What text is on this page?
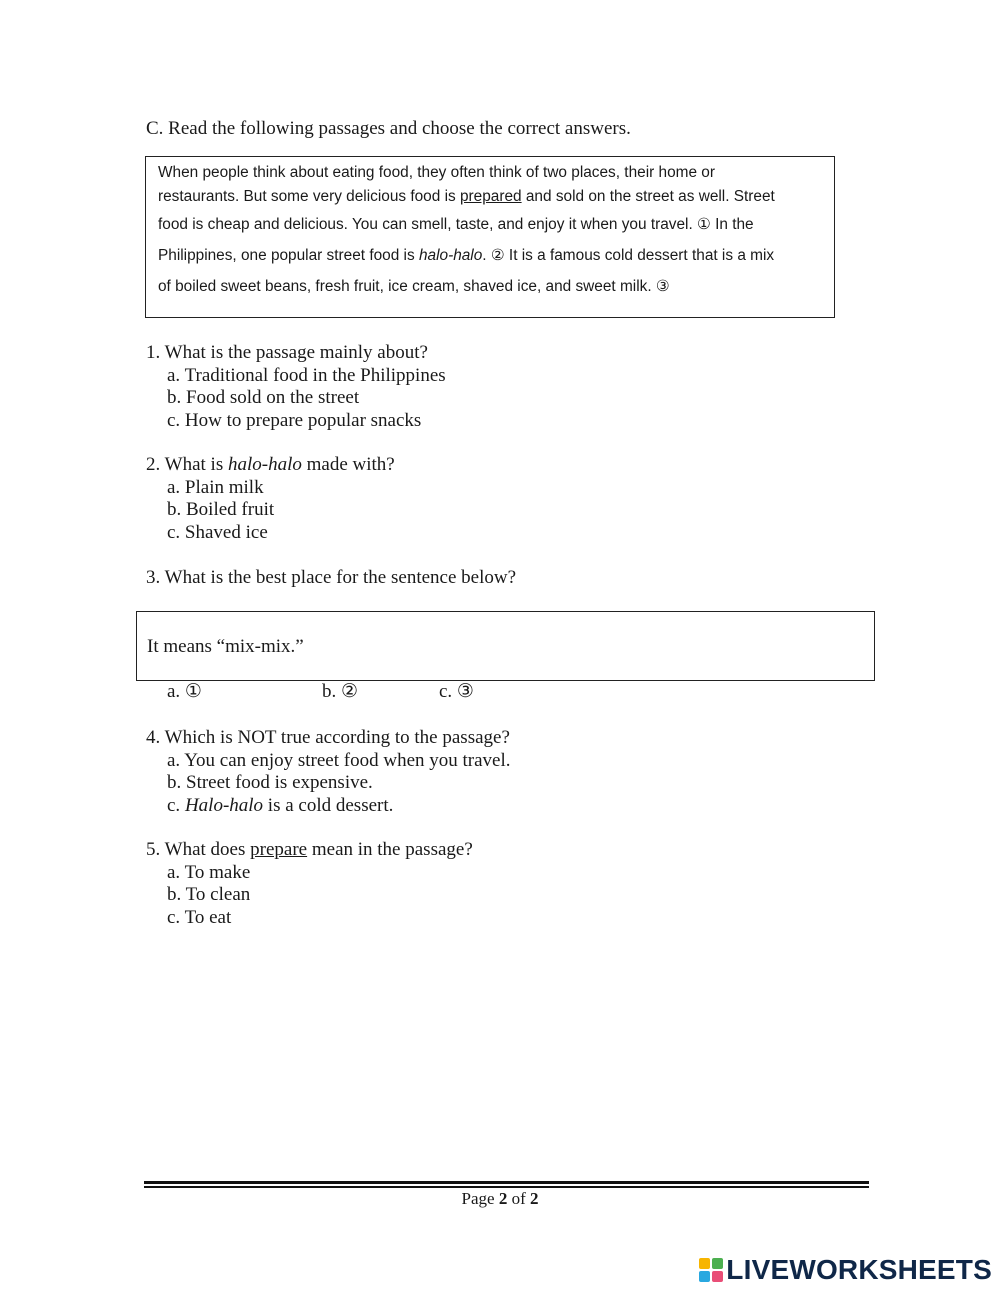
C. Read the following passages and choose the correct answers.
When people think about eating food, they often think of two places, their home or
restaurants. But some very delicious food is prepared and sold on the street as well. Street
food is cheap and delicious. You can smell, taste, and enjoy it when you travel. ① In the
Philippines, one popular street food is halo-halo. ② It is a famous cold dessert that is a mix
of boiled sweet beans, fresh fruit, ice cream, shaved ice, and sweet milk. ③
1. What is the passage mainly about?
a. Traditional food in the Philippines
b. Food sold on the street
c. How to prepare popular snacks
2. What is halo-halo made with?
a. Plain milk
b. Boiled fruit
c. Shaved ice
3. What is the best place for the sentence below?
It means “mix-mix.”
a. ①	b. ②	c. ③
4. Which is NOT true according to the passage?
a. You can enjoy street food when you travel.
b. Street food is expensive.
c. Halo-halo is a cold dessert.
5. What does prepare mean in the passage?
a. To make
b. To clean
c. To eat
Page 2 of 2
LIVEWORKSHEETS
